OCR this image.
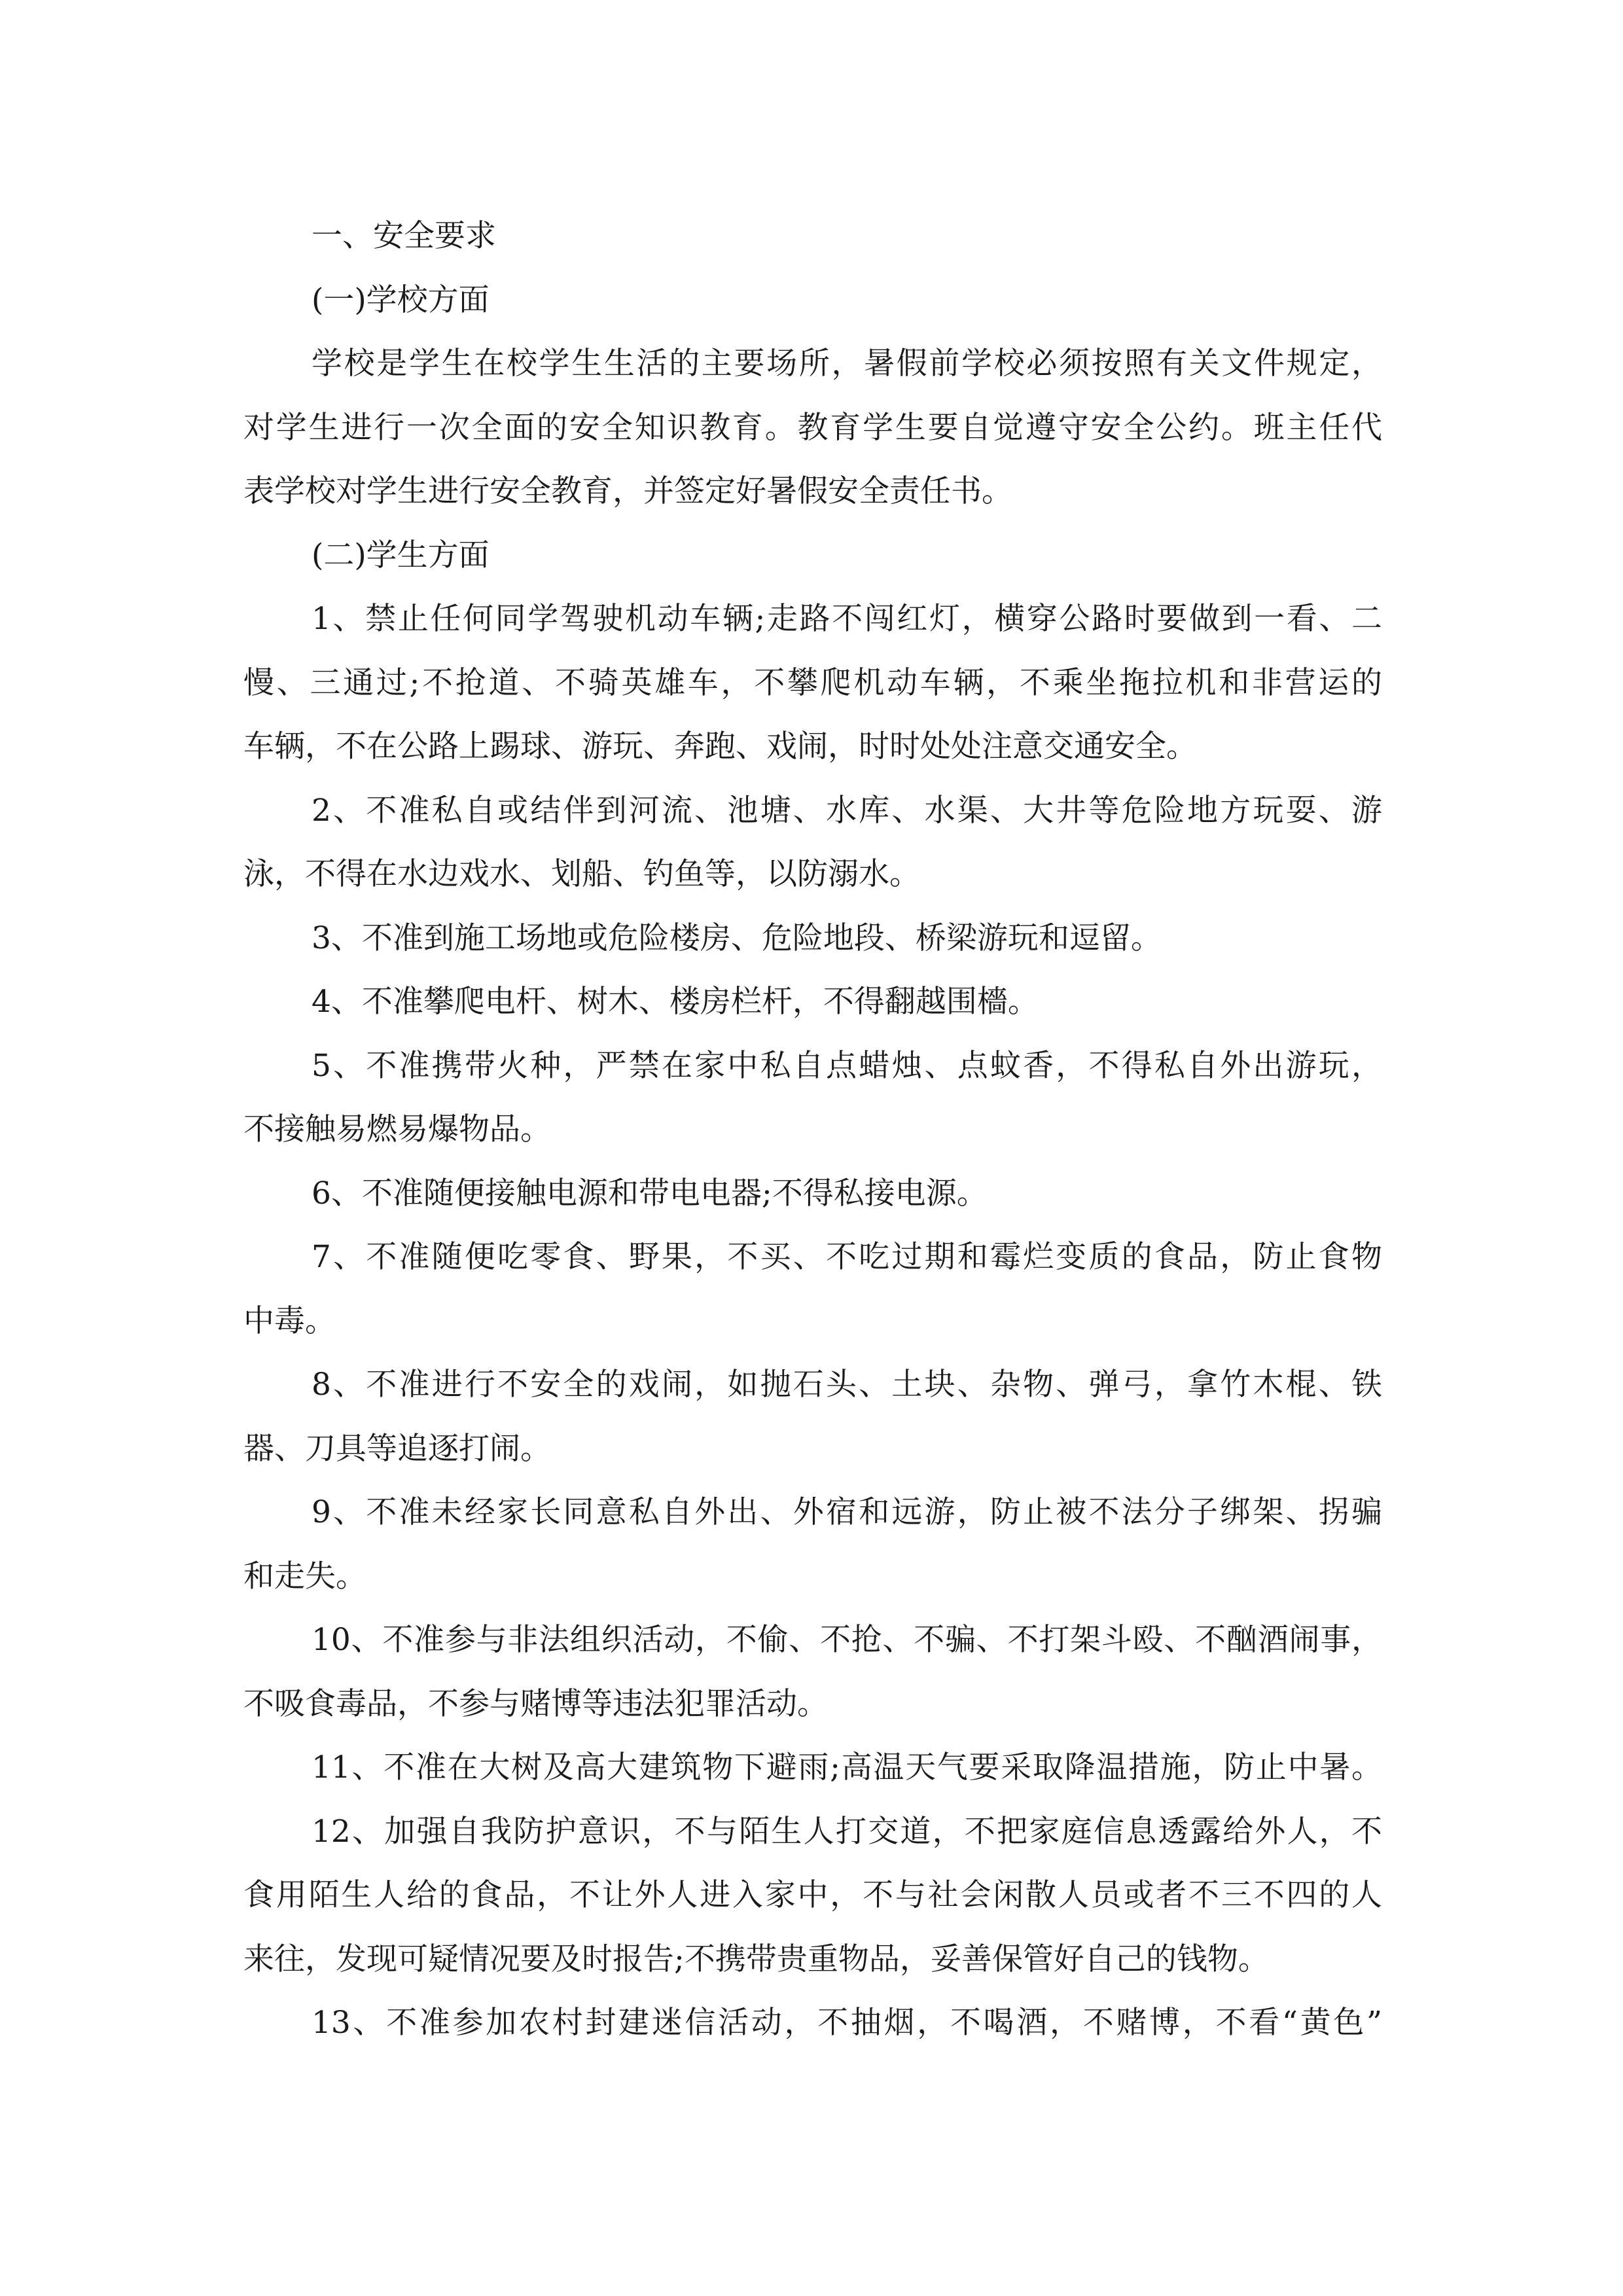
一、安全要求
(一)学校方面
学校是学生在校学生生活的主要场所，暑假前学校必须按照有关文件规定，
对学生进行一次全面的安全知识教育。教育学生要自觉遵守安全公约。班主任代
表学校对学生进行安全教育，并签定好暑假安全责任书。
(二)学生方面
1、禁止任何同学驾驶机动车辆;走路不闯红灯，横穿公路时要做到一看、二
慢、三通过;不抢道、不骑英雄车，不攀爬机动车辆，不乘坐拖拉机和非营运的
车辆，不在公路上踢球、游玩、奔跑、戏闹，时时处处注意交通安全。
2、不准私自或结伴到河流、池塘、水库、水渠、大井等危险地方玩耍、游
泳，不得在水边戏水、划船、钓鱼等，以防溺水。
3、不准到施工场地或危险楼房、危险地段、桥梁游玩和逗留。
4、不准攀爬电杆、树木、楼房栏杆，不得翻越围檣。
5、不准携带火种，严禁在家中私自点蜡烛、点蚊香，不得私自外出游玩，
不接触易燃易爆物品。
6、不准随便接触电源和带电电器;不得私接电源。
7、不准随便吃零食、野果，不买、不吃过期和霉烂变质的食品，防止食物
中毒。
8、不准进行不安全的戏闹，如抛石头、土块、杂物、弹弓，拿竹木棍、铁
器、刀具等追逐打闹。
9、不准未经家长同意私自外出、外宿和远游，防止被不法分子绑架、拐骗
和走失。
10、不准参与非法组织活动，不偷、不抢、不骗、不打架斗殴、不酗酒闹事，
不吸食毒品，不参与赌博等违法犯罪活动。
11、不准在大树及高大建筑物下避雨;高温天气要采取降温措施，防止中暑。
12、加强自我防护意识，不与陌生人打交道，不把家庭信息透露给外人，不
食用陌生人给的食品，不让外人进入家中，不与社会闲散人员或者不三不四的人
来往，发现可疑情况要及时报告;不携带贵重物品，妥善保管好自己的钱物。
13、不准参加农村封建迷信活动，不抽烟，不喝酒，不赌博，不看“黄色”
